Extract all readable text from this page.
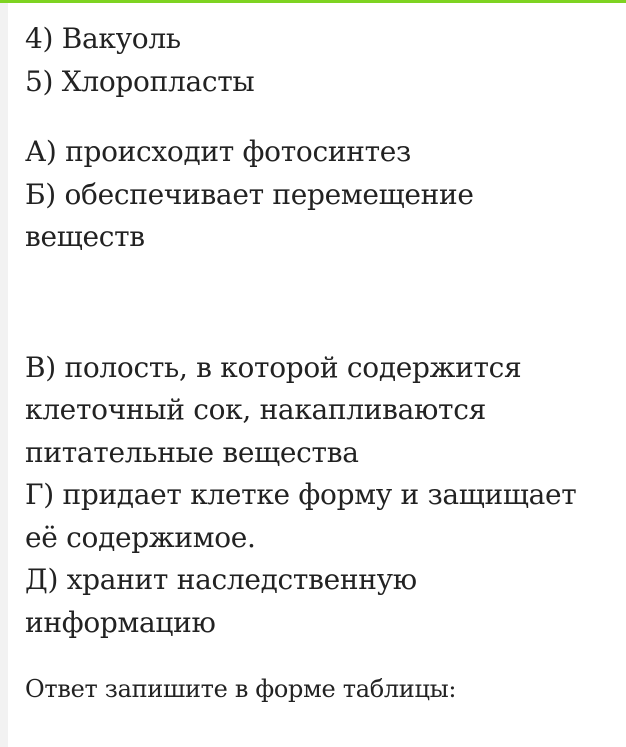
4) Вакуоль
5) Хлоропласты
А) происходит фотосинтез
Б) обеспечивает перемещение
веществ
В) полость, в которой содержится
клеточный сок, накапливаются
питательные вещества
Г) придает клетке форму и защищает
её содержимое.
Д) хранит наследственную
информацию
Ответ запишите в форме таблицы:
